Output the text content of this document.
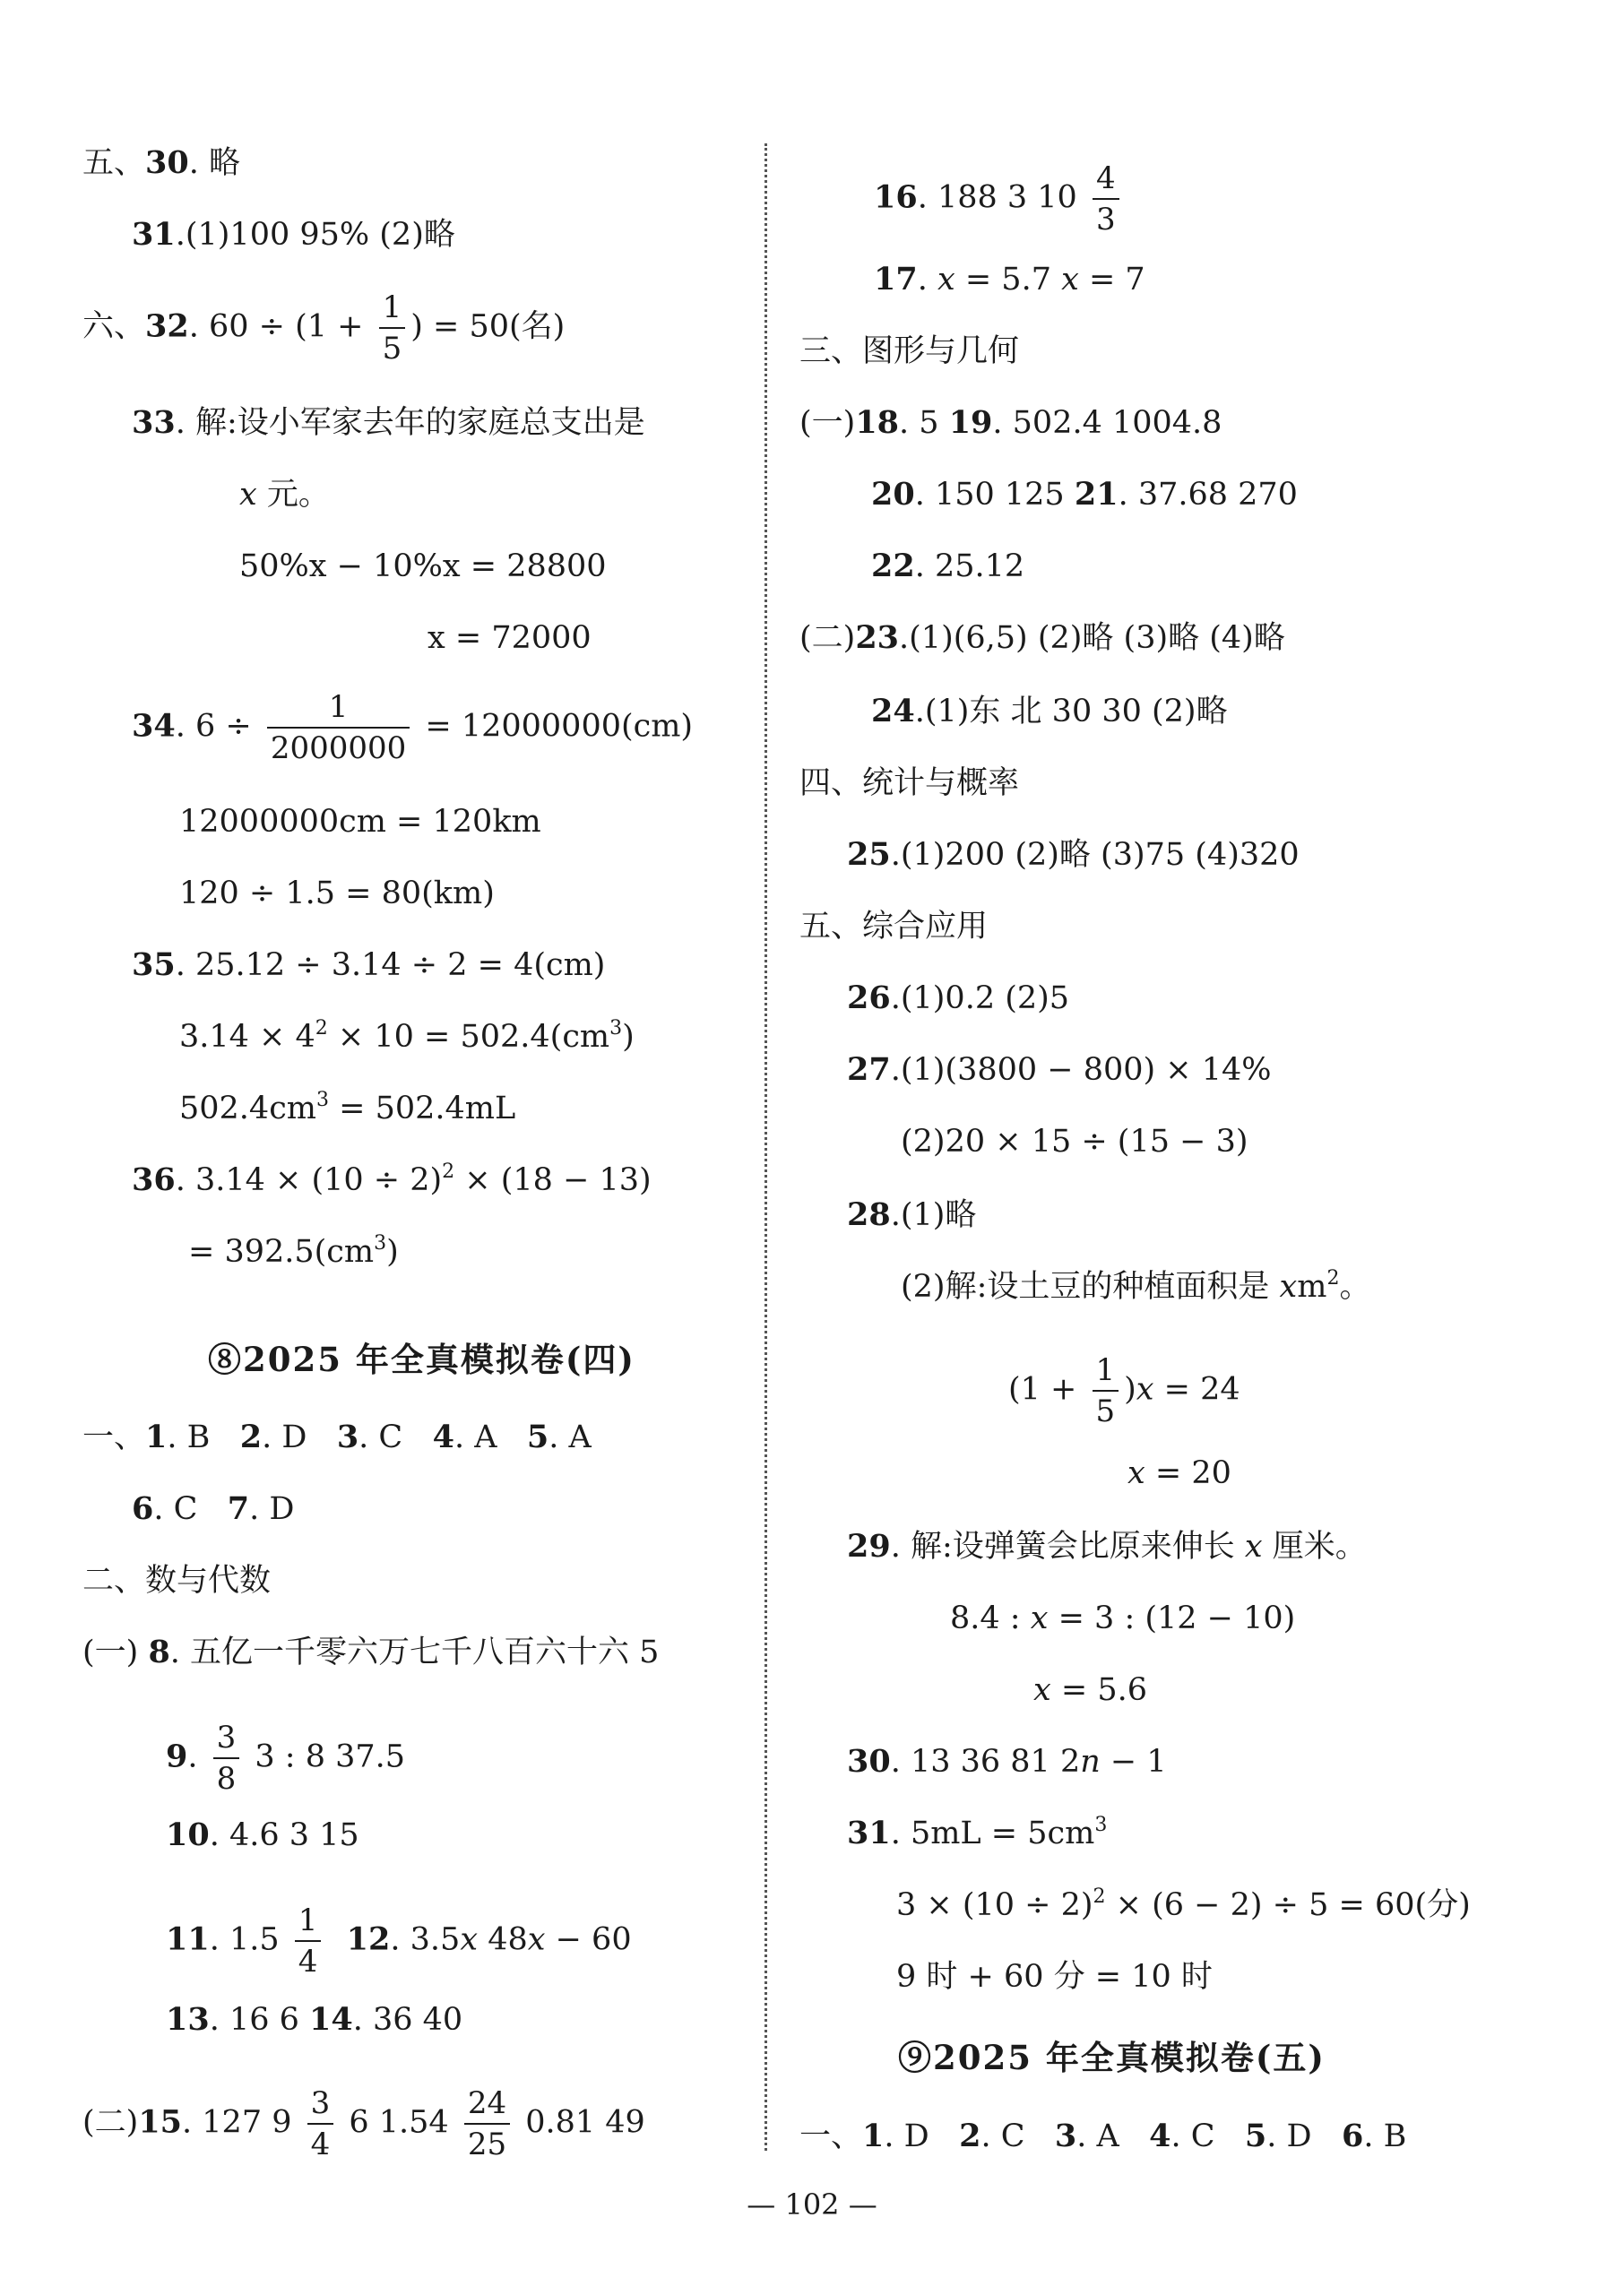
五、30. 略
31.(1)100 95% (2)略
六、32. $60 \div (1 + \frac{1}{5}$ ) = 50(名)
33. 解:设小军家去年的家庭总支出是
x 元。
50%x − 10%x = 28800
x = 72000
34. $6 \div \frac{1}{2000000} = 12000000(cm)$
12000000cm = 120km
120 ÷ 1.5 = 80(km)
35. 25.12 ÷ 3.14 ÷ 2 = 4(cm)
$3.14 \times 4^2 \times 10 = 502.4(cm^3)$
$502.4cm^3 = 502.4mL$
36. $3.14 \times (10 \div 2)^2 \times (18 - 13)$
= $392.5(cm^3)$
⑧2025 年全真模拟卷(四)
一、1. B 2. D 3. C 4. A 5. A
6. C 7. D
二、数与代数
(一) 8. 五亿一千零六万七千八百六十六 5
9. $\frac{3}{8} 3$ : 8 37.5
10. 4.6 3 15
11. $1.5 \frac{1}{4} 12$. 3.5x 48x − 60
13. 16 6 14. 36 40
(二)15. 127 $9 \frac{3}{4} 6$ $1.54 \frac{24}{25} 0.81$ 49
16. 188 3 $10 \frac{4}{3}$
17. x = 5.7 x = 7
三、图形与几何
(一)18. 5 19. 502.4 1004.8
20. 150 125 21. 37.68 270
22. 25.12
(二)23.(1)(6,5) (2)略 (3)略 (4)略
24.(1)东 北 30 30 (2)略
四、统计与概率
25.(1)200 (2)略 (3)75 (4)320
五、综合应用
26.(1)0.2 (2)5
27.(1)(3800 − 800) × 14%
(2)20 × 15 ÷ (15 − 3)
28.(1)略
(2)解:设土豆的种植面积是 $xm^2$。
$(1 + \frac{1}{5} )x = 24$
x = 20
29. 解:设弹簧会比原来伸长 x 厘米。
8.4 : x = 3 : (12 − 10)
x = 5.6
30. 13 36 81 2n − 1
31. $5mL = 5cm^3$
$3 \times (10 \div 2)^2 \times (6 - 2) \div 5 = 60$(分)
9 时 + 60 分 = 10 时
⑨2025 年全真模拟卷(五)
一、1. D 2. C 3. A 4. C 5. D 6. B
— 102 —
